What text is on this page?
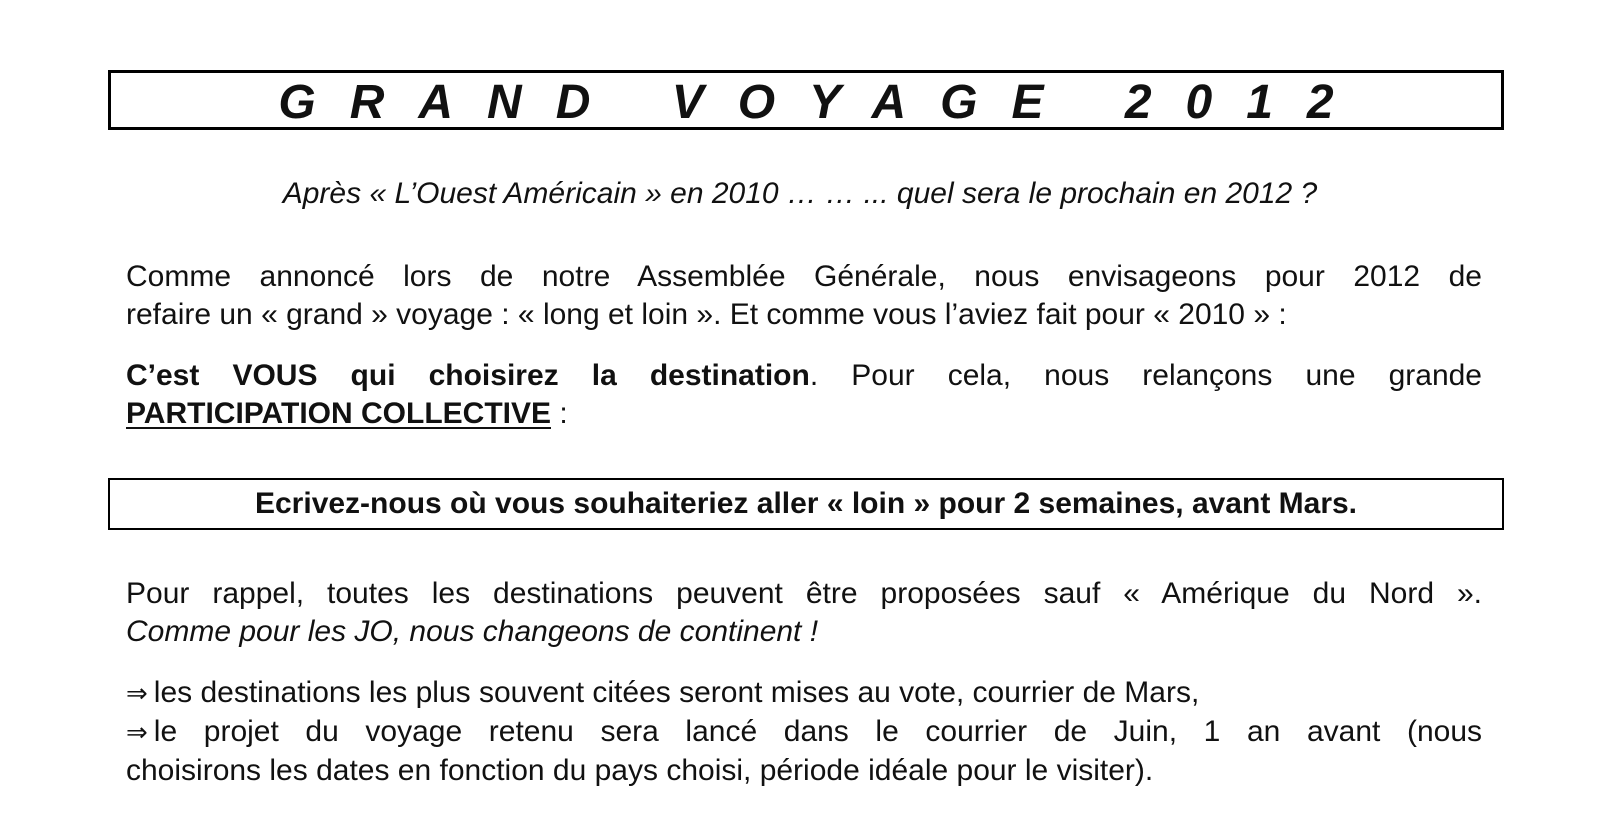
GRAND VOYAGE 2012
Après « L’Ouest Américain » en 2010 … … ... quel sera le prochain en 2012 ?
Comme annoncé lors de notre Assemblée Générale, nous envisageons pour 2012 de
refaire un « grand » voyage : « long et loin ». Et comme vous l’aviez fait pour « 2010 » :
C’est VOUS qui choisirez la destination. Pour cela, nous relançons une grande
PARTICIPATION COLLECTIVE :
Ecrivez-nous où vous souhaiteriez aller « loin » pour 2 semaines, avant Mars.
Pour rappel, toutes les destinations peuvent être proposées sauf « Amérique du Nord ».
Comme pour les JO, nous changeons de continent !
⇒ les destinations les plus souvent citées seront mises au vote, courrier de Mars,
⇒ le projet du voyage retenu sera lancé dans le courrier de Juin, 1 an avant (nous
choisirons les dates en fonction du pays choisi, période idéale pour le visiter).
